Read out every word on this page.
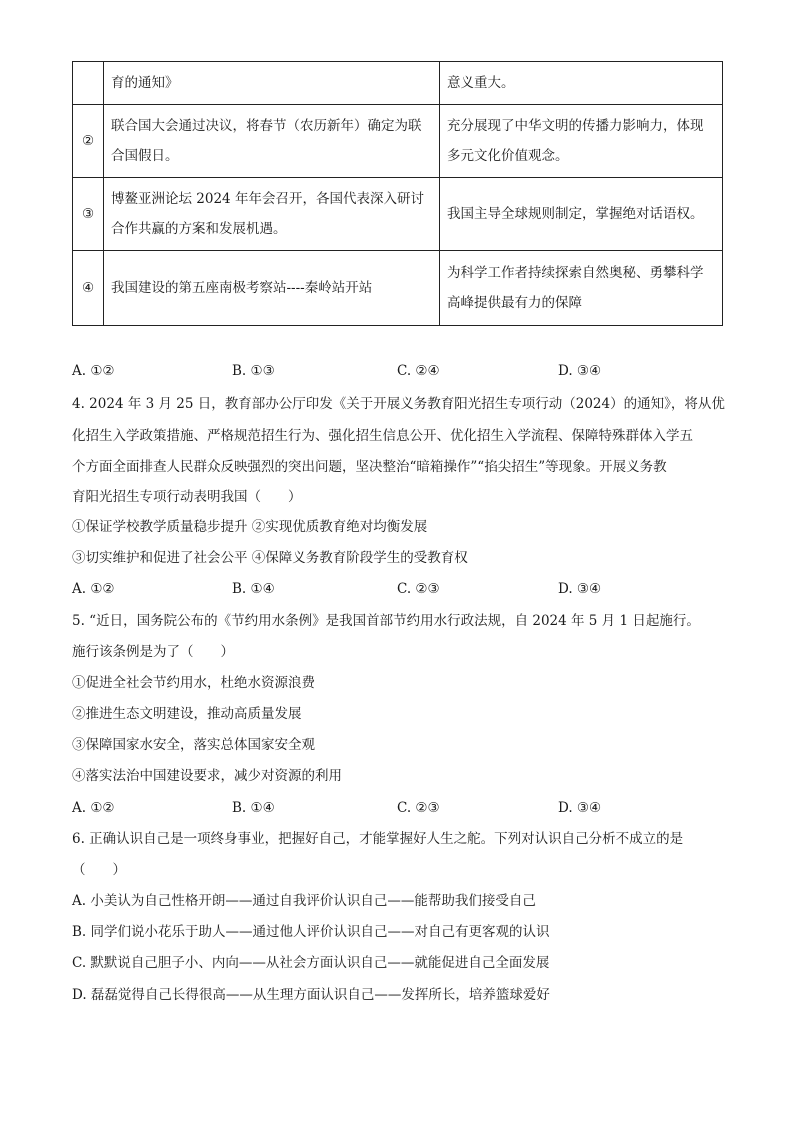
	育的通知》	意义重大。
②	联合国大会通过决议，将春节（农历新年）确定为联合国假日。	充分展现了中华文明的传播力影响力，体现多元文化价值观念。
③	博鳌亚洲论坛 2024 年年会召开，各国代表深入研讨合作共赢的方案和发展机遇。	我国主导全球规则制定，掌握绝对话语权。
④	我国建设的第五座南极考察站----秦岭站开站	为科学工作者持续探索自然奥秘、勇攀科学高峰提供最有力的保障
A. ①②	B. ①③	C. ②④	D. ③④
4. 2024 年 3 月 25 日，教育部办公厅印发《关于开展义务教育阳光招生专项行动（2024）的通知》，将从优
化招生入学政策措施、严格规范招生行为、强化招生信息公开、优化招生入学流程、保障特殊群体入学五
个方面全面排查人民群众反映强烈的突出问题，坚决整治“暗箱操作”“掐尖招生”等现象。开展义务教
育阳光招生专项行动表明我国（　　）
①保证学校教学质量稳步提升 ②实现优质教育绝对均衡发展
③切实维护和促进了社会公平 ④保障义务教育阶段学生的受教育权
A. ①②	B. ①④	C. ②③	D. ③④
5. “近日，国务院公布的《节约用水条例》是我国首部节约用水行政法规，自 2024 年 5 月 1 日起施行。
施行该条例是为了（　　）
①促进全社会节约用水，杜绝水资源浪费
②推进生态文明建设，推动高质量发展
③保障国家水安全，落实总体国家安全观
④落实法治中国建设要求，减少对资源的利用
A. ①②	B. ①④	C. ②③	D. ③④
6. 正确认识自己是一项终身事业，把握好自己，才能掌握好人生之舵。下列对认识自己分析不成立的是
（　　）
A. 小美认为自己性格开朗——通过自我评价认识自己——能帮助我们接受自己
B. 同学们说小花乐于助人——通过他人评价认识自己——对自己有更客观的认识
C. 默默说自己胆子小、内向——从社会方面认识自己——就能促进自己全面发展
D. 磊磊觉得自己长得很高——从生理方面认识自己——发挥所长，培养篮球爱好
